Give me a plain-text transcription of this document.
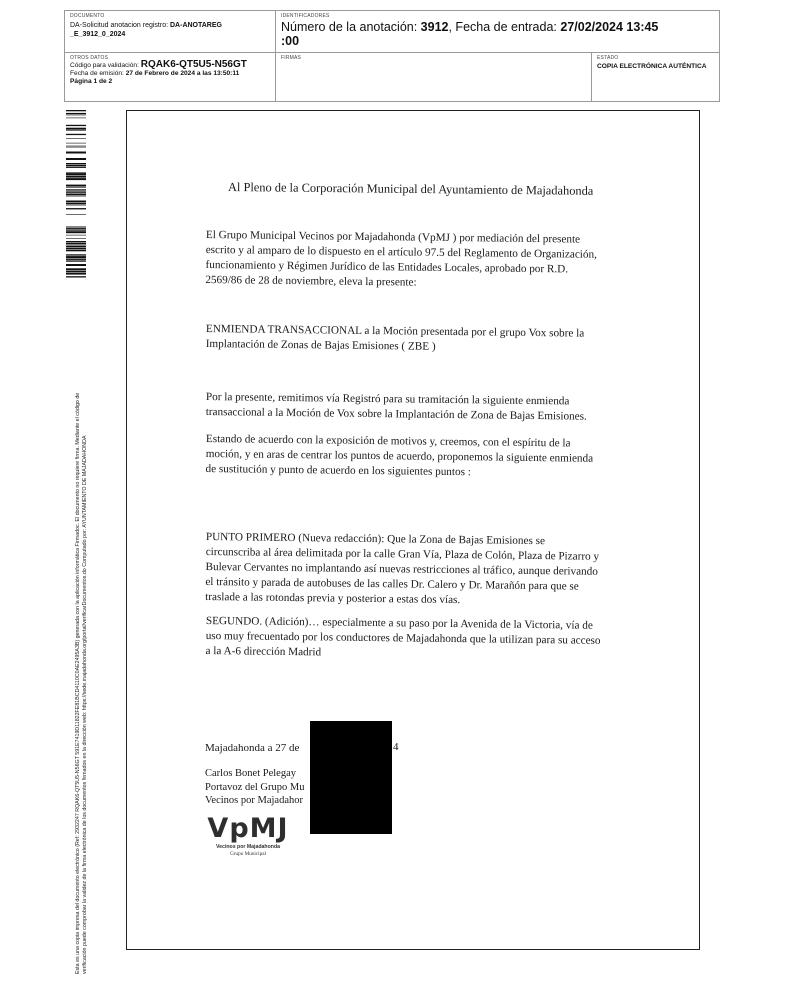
DOCUMENTO
DA-Solicitud anotacion registro: DA-ANOTAREG
_E_3912_0_2024
IDENTIFICADORES
Número de la anotación: 3912, Fecha de entrada: 27/02/2024 13:45
:00
OTROS DATOS
Código para validación: RQAK6-QT5U5-N56GT
Fecha de emisión: 27 de Febrero de 2024 a las 13:50:11
Página 1 de 2
FIRMAS	ESTADO
COPIA ELECTRÓNICA AUTÉNTICA
Esta es una copia impresa del documento electrónico (Ref: 2932247 RQAK6-QT5U5-N56GT 591E7419D11822FE81BCD4110C0AE2495A3B) generada con la aplicación informática Firmadoc. El documento no requiere firma. Mediante el código de verificación puede comprobar la validez de la firma electrónica de los documentos firmados en la dirección web: https://sede.majadahonda.org/portal/verificarDocumentos.do Computado por: AYUNTAMIENTO DE MAJADAHONDA
Al Pleno de la Corporación Municipal del Ayuntamiento de Majadahonda
El Grupo Municipal Vecinos por Majadahonda (VpMJ ) por mediación del presente
escrito y al amparo de lo dispuesto en el artículo 97.5 del Reglamento de Organización,
funcionamiento y Régimen Jurídico de las Entidades Locales, aprobado por R.D.
2569/86 de 28 de noviembre, eleva la presente:
ENMIENDA TRANSACCIONAL a la Moción presentada por el grupo Vox sobre la
Implantación de Zonas de Bajas Emisiones ( ZBE )
Por la presente, remitimos vía Registró para su tramitación la siguiente enmienda
transaccional a la Moción de Vox sobre la Implantación de Zona de Bajas Emisiones.
Estando de acuerdo con la exposición de motivos y, creemos, con el espíritu de la
moción, y en aras de centrar los puntos de acuerdo, proponemos la siguiente enmienda
de sustitución y punto de acuerdo en los siguientes puntos :
PUNTO PRIMERO (Nueva redacción): Que la Zona de Bajas Emisiones se
circunscriba al área delimitada por la calle Gran Vía, Plaza de Colón, Plaza de Pizarro y
Bulevar Cervantes no implantando así nuevas restricciones al tráfico, aunque derivando
el tránsito y parada de autobuses de las calles Dr. Calero y Dr. Marañón para que se
traslade a las rotondas previa y posterior a estas dos vías.
SEGUNDO. (Adición)… especialmente a su paso por la Avenida de la Victoria, vía de
uso muy frecuentado por los conductores de Majadahonda que la utilizan para su acceso
a la A-6 dirección Madrid
Majadahonda a 27 de	4
Carlos Bonet Pelegay
Portavoz del Grupo Mu
Vecinos por Majadahor
VpMJ
Vecinos por Majadahonda
Grupo Municipal
